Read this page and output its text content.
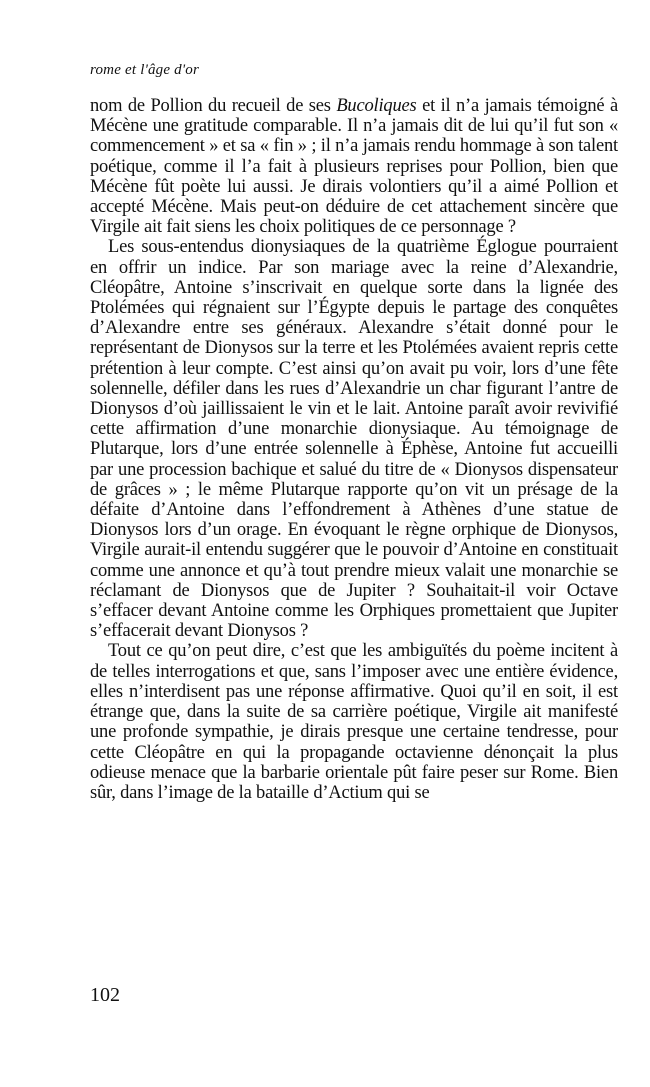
rome et l'âge d'or

nom de Pollion du recueil de ses Bucoliques et il n’a jamais témoigné à Mécène une gratitude comparable. Il n’a jamais dit de lui qu’il fut son « commencement » et sa « fin » ; il n’a jamais rendu hommage à son talent poétique, comme il l’a fait à plusieurs reprises pour Pollion, bien que Mécène fût poète lui aussi. Je dirais volontiers qu’il a aimé Pollion et accepté Mécène. Mais peut-on déduire de cet attachement sincère que Virgile ait fait siens les choix politiques de ce personnage ?

Les sous-entendus dionysiaques de la quatrième Églogue pourraient en offrir un indice. Par son mariage avec la reine d’Alexandrie, Cléopâtre, Antoine s’inscrivait en quelque sorte dans la lignée des Ptolémées qui régnaient sur l’Égypte depuis le partage des conquêtes d’Alexandre entre ses généraux. Alexandre s’était donné pour le représentant de Dionysos sur la terre et les Ptolémées avaient repris cette prétention à leur compte. C’est ainsi qu’on avait pu voir, lors d’une fête solennelle, défiler dans les rues d’Alexandrie un char figurant l’antre de Dionysos d’où jaillissaient le vin et le lait. Antoine paraît avoir revivifié cette affirmation d’une monarchie dionysiaque. Au témoignage de Plutarque, lors d’une entrée solennelle à Éphèse, Antoine fut accueilli par une procession bachique et salué du titre de « Dionysos dispensateur de grâces » ; le même Plutarque rapporte qu’on vit un présage de la défaite d’Antoine dans l’effondrement à Athènes d’une statue de Dionysos lors d’un orage. En évoquant le règne orphique de Dionysos, Virgile aurait-il entendu suggérer que le pouvoir d’Antoine en constituait comme une annonce et qu’à tout prendre mieux valait une monarchie se réclamant de Dionysos que de Jupiter ? Souhaitait-il voir Octave s’effacer devant Antoine comme les Orphiques promettaient que Jupiter s’effacerait devant Dionysos ?

Tout ce qu’on peut dire, c’est que les ambiguïtés du poème incitent à de telles interrogations et que, sans l’imposer avec une entière évidence, elles n’interdisent pas une réponse affirmative. Quoi qu’il en soit, il est étrange que, dans la suite de sa carrière poétique, Virgile ait manifesté une profonde sympathie, je dirais presque une certaine tendresse, pour cette Cléopâtre en qui la propagande octavienne dénonçait la plus odieuse menace que la barbarie orientale pût faire peser sur Rome. Bien sûr, dans l’image de la bataille d’Actium qui se

102
